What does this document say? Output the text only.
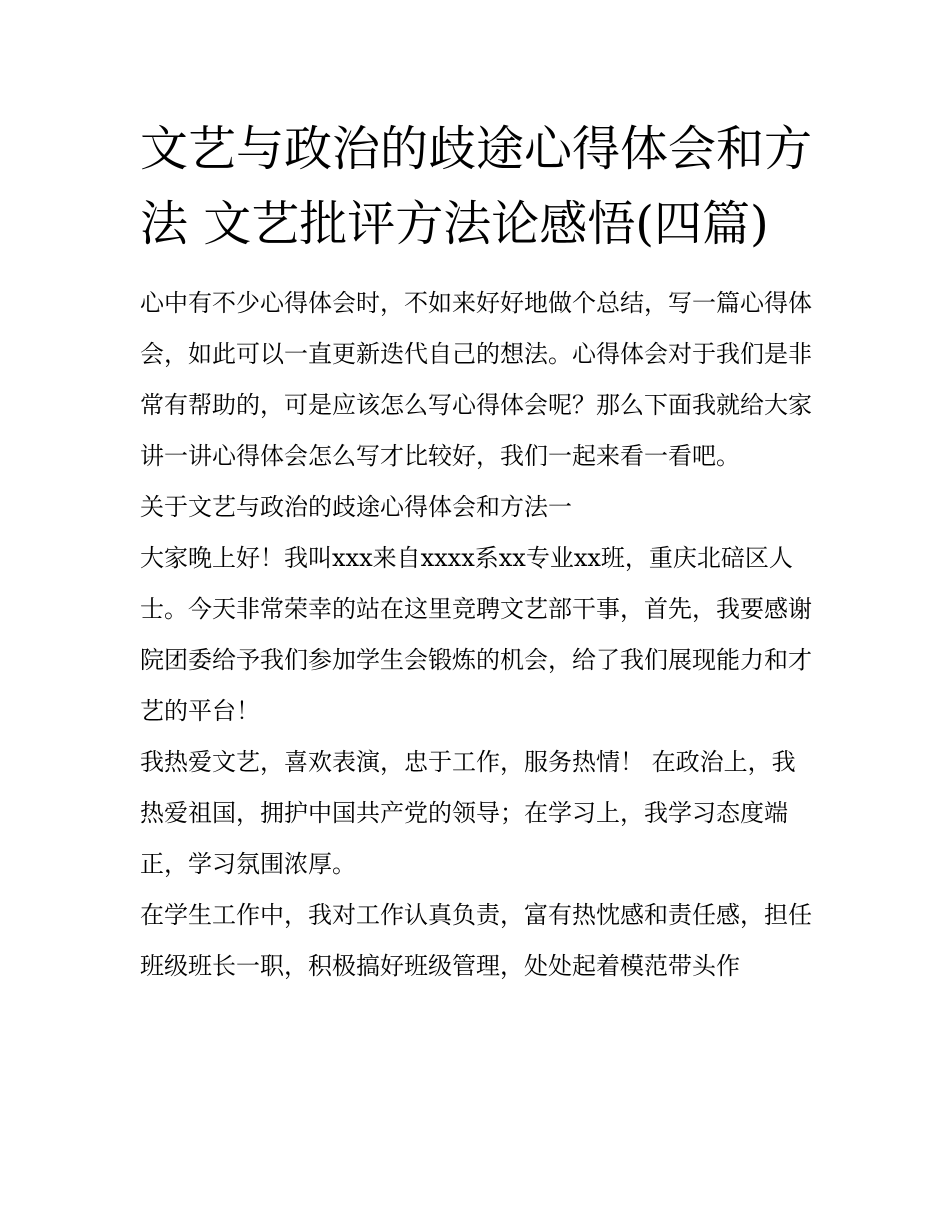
文艺与政治的歧途心得体会和方法 文艺批评方法论感悟(四篇)

心中有不少心得体会时，不如来好好地做个总结，写一篇心得体会，如此可以一直更新迭代自己的想法。心得体会对于我们是非常有帮助的，可是应该怎么写心得体会呢？那么下面我就给大家讲一讲心得体会怎么写才比较好，我们一起来看一看吧。

关于文艺与政治的歧途心得体会和方法一

大家晚上好！我叫xxx来自xxxx系xx专业xx班，重庆北碚区人士。今天非常荣幸的站在这里竞聘文艺部干事，首先，我要感谢院团委给予我们参加学生会锻炼的机会，给了我们展现能力和才艺的平台！

我热爱文艺，喜欢表演，忠于工作，服务热情！ 在政治上，我热爱祖国，拥护中国共产党的领导；在学习上，我学习态度端正，学习氛围浓厚。

在学生工作中，我对工作认真负责，富有热忱感和责任感，担任班级班长一职，积极搞好班级管理，处处起着模范带头作
